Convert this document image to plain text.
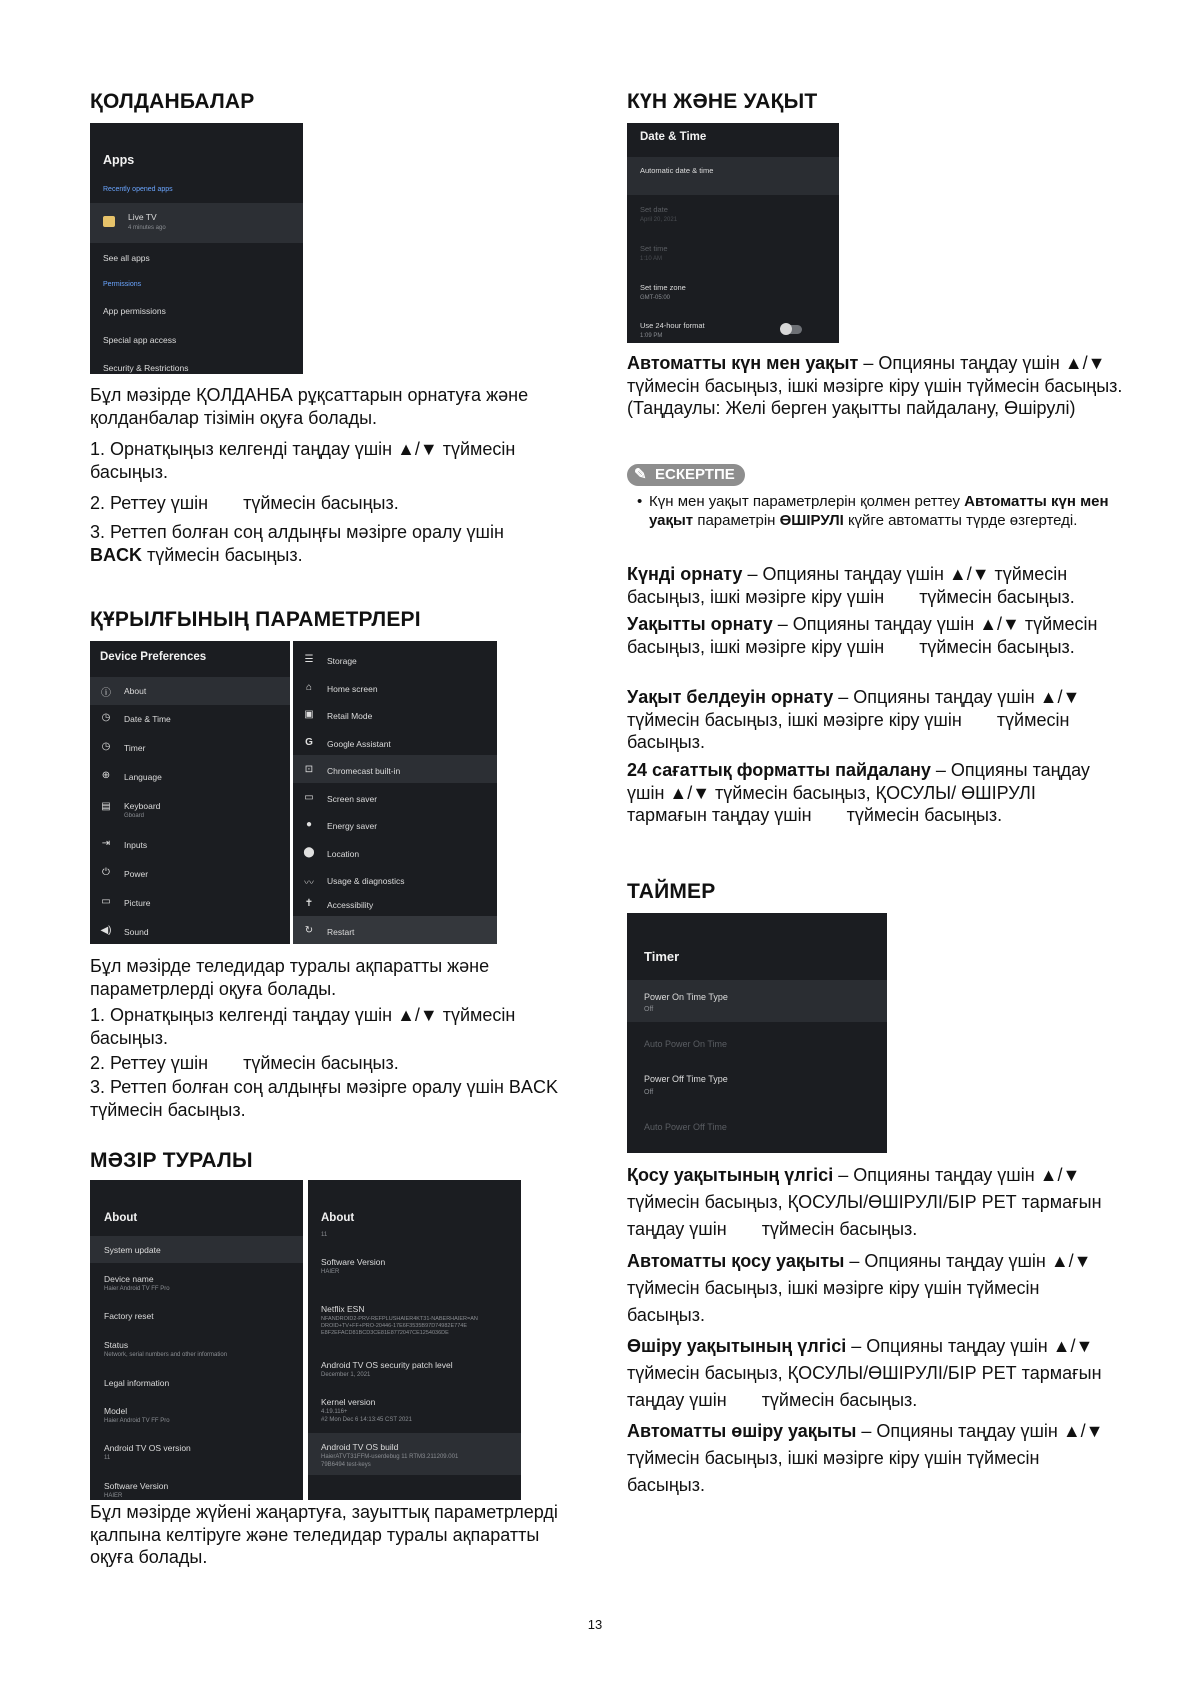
ҚОЛДАНБАЛАР
Apps
Recently opened apps
Live TV
4 minutes ago
See all apps
Permissions
App permissions
Special app access
Security & Restrictions

Бұл мәзірде ҚОЛДАНБА рұқсаттарын орнатуға және қолданбалар тізімін оқуға болады.

1. Орнатқыңыз келгенді таңдау үшін ▲/▼ түймесін басыңыз.

2. Реттеу үшін       түймесін басыңыз.

3. Реттеп болған соң алдыңғы мәзірге оралу үшін
BACK түймесін басыңыз.

ҚҰРЫЛҒЫНЫҢ ПАРАМЕТРЛЕРІ
Device Preferences
ⓘ About
◷	Date & Time
◷	Timer
⊕	Language
▤ Keyboard
Gboard
⇥	Inputs
⏻	Power
▭ Picture
◀) Sound
☰ Storage
⌂	Home screen
▣ Retail Mode
G	Google Assistant
⊡	Chromecast built-in
▭ Screen saver
●	Energy saver
⬤ Location
〰 Usage & diagnostics
✝	Accessibility
↻	Restart

Бұл мәзірде теледидар туралы ақпаратты және параметрлерді оқуға болады.

1. Орнатқыңыз келгенді таңдау үшін ▲/▼ түймесін басыңыз.

2. Реттеу үшін       түймесін басыңыз.

3. Реттеп болған соң алдыңғы мәзірге оралу үшін BACK түймесін басыңыз.

МӘЗІР ТУРАЛЫ
About
System update
Device name
Haier Android TV FF Pro
Factory reset
Status
Network, serial numbers and other information
Legal information
Model
Haier Android TV FF Pro
Android TV OS version
11
Software Version
HAIER
About
11
Software Version
HAIER
Netflix ESN
NFANDROID2-PRV-REFPLUSHAIER4KT31-NABERHAIER=AN
DROID+TV+FF+PRO-20446-17E6F3535B97D74982E774E
E8F2EFACD81BCD3CE81E8772047CE1254036DE
Android TV OS security patch level
December 1, 2021
Kernel version
4.19.116+
#2 Mon Dec 6 14:13:45 CST 2021
Android TV OS build
HaierATVT31FFM-userdebug 11 RTM3.211209.001
79B6494 test-keys

Бұл мәзірде жүйені жаңартуға, зауыттық параметрлерді қалпына келтіруге және теледидар туралы ақпаратты оқуға болады.

КҮН ЖӘНЕ УАҚЫТ
Date & Time
Automatic date & time
Set date
April 20, 2021
Set time
1:10 AM
Set time zone
GMT-05:00
Use 24-hour format
1:09 PM

Автоматты күн мен уақыт – Опцияны таңдау үшін ▲/▼ түймесін басыңыз, ішкі мәзірге кіру үшін түймесін басыңыз. (Таңдаулы: Желі берген уақытты пайдалану, Өшірулі)

✎ ЕСКЕРТПЕ

• Күн мен уақыт параметрлерін қолмен реттеу Автоматты күн мен уақыт параметрін ӨШІРУЛІ күйге автоматты түрде өзгертеді.

Күнді орнату – Опцияны таңдау үшін ▲/▼ түймесін басыңыз, ішкі мәзірге кіру үшін       түймесін басыңыз.

Уақытты орнату – Опцияны таңдау үшін ▲/▼ түймесін басыңыз, ішкі мәзірге кіру үшін       түймесін басыңыз.

Уақыт белдеуін орнату – Опцияны таңдау үшін ▲/▼ түймесін басыңыз, ішкі мәзірге кіру үшін       түймесін басыңыз.

24 сағаттық форматты пайдалану – Опцияны таңдау үшін ▲/▼ түймесін басыңыз, ҚОСУЛЫ/ ӨШІРУЛІ тармағын таңдау үшін       түймесін басыңыз.

ТАЙМЕР
Timer
Power On Time Type
Off
Auto Power On Time
Power Off Time Type
Off
Auto Power Off Time

Қосу уақытының үлгісі – Опцияны таңдау үшін ▲/▼ түймесін басыңыз, ҚОСУЛЫ/ӨШІРУЛІ/БІР РЕТ тармағын таңдау үшін       түймесін басыңыз.

Автоматты қосу уақыты – Опцияны таңдау үшін ▲/▼ түймесін басыңыз, ішкі мәзірге кіру үшін түймесін басыңыз.

Өшіру уақытының үлгісі – Опцияны таңдау үшін ▲/▼ түймесін басыңыз, ҚОСУЛЫ/ӨШІРУЛІ/БІР РЕТ тармағын таңдау үшін       түймесін басыңыз.

Автоматты өшіру уақыты – Опцияны таңдау үшін ▲/▼ түймесін басыңыз, ішкі мәзірге кіру үшін түймесін басыңыз.

13
